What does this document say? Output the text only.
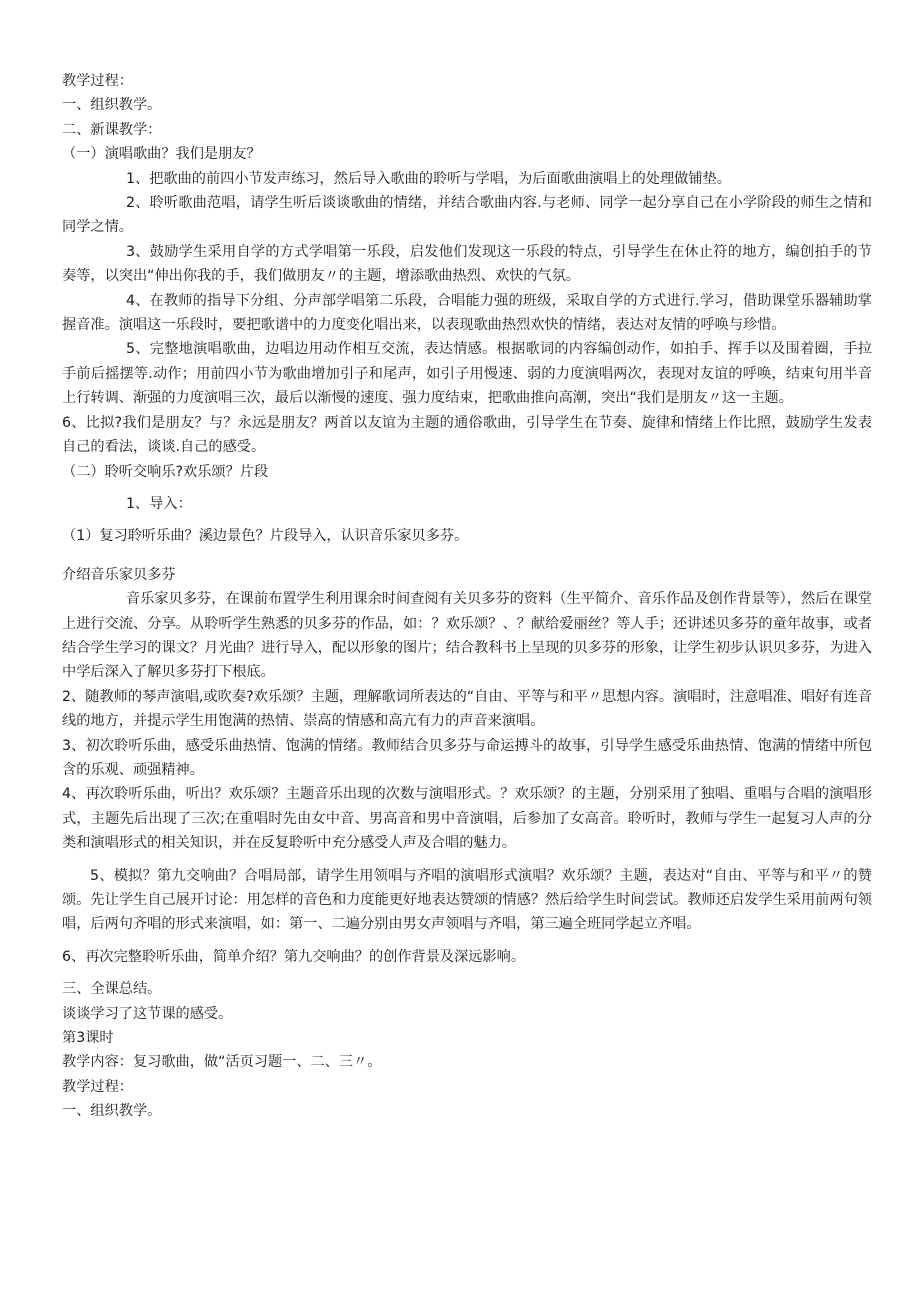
教学过程：

一、组织教学。

二、新课教学：

（一）演唱歌曲？我们是朋友？

1、把歌曲的前四小节发声练习，然后导入歌曲的聆听与学唱，为后面歌曲演唱上的处理做铺垫。

2、聆听歌曲范唱，请学生听后谈谈歌曲的情绪，并结合歌曲内容.与老师、同学一起分享自己在小学阶段的师生之情和同学之情。

3、鼓励学生采用自学的方式学唱第一乐段，启发他们发现这一乐段的特点，引导学生在休止符的地方，编创拍手的节奏等，以突出“伸出你我的手，我们做朋友〃的主题，增添歌曲热烈、欢快的气氛。

4、在教师的指导下分组、分声部学唱第二乐段，合唱能力强的班级，采取自学的方式进行.学习，借助课堂乐器辅助掌握音准。演唱这一乐段时，要把歌谱中的力度变化唱出来，以表现歌曲热烈欢快的情绪，表达对友情的呼唤与珍惜。

5、完整地演唱歌曲，边唱边用动作相互交流，表达情感。根据歌词的内容编创动作，如拍手、挥手以及围着圈，手拉手前后摇摆等.动作；用前四小节为歌曲增加引子和尾声，如引子用慢速、弱的力度演唱两次，表现对友谊的呼唤，结束句用半音上行转调、渐强的力度演唱三次，最后以渐慢的速度、强力度结束，把歌曲推向高潮，突出“我们是朋友〃这一主题。

6、比拟?我们是朋友？与？永远是朋友？两首以友谊为主题的通俗歌曲，引导学生在节奏、旋律和情绪上作比照，鼓励学生发表自己的看法，谈谈.自己的感受。

（二）聆听交响乐?欢乐颂？片段

1、导入：

（1）复习聆听乐曲？溪边景色？片段导入，认识音乐家贝多芬。

介绍音乐家贝多芬

音乐家贝多芬，在课前布置学生利用课余时间查阅有关贝多芬的资料（生平简介、音乐作品及创作背景等），然后在课堂上进行交流、分享。从聆听学生熟悉的贝多芬的作品，如：？欢乐颂？、？献给爱丽丝？等人手；还讲述贝多芬的童年故事，或者结合学生学习的课文？月光曲？进行导入，配以形象的图片；结合教科书上呈现的贝多芬的形象，让学生初步认识贝多芬，为进入中学后深入了解贝多芬打下根底。

2、随教师的琴声演唱,或吹奏?欢乐颂？主题，理解歌词所表达的“自由、平等与和平〃思想内容。演唱时，注意唱准、唱好有连音线的地方，并提示学生用饱满的热情、崇高的情感和高亢有力的声音来演唱。

3、初次聆听乐曲，感受乐曲热情、饱满的情绪。教师结合贝多芬与命运搏斗的故事，引导学生感受乐曲热情、饱满的情绪中所包含的乐观、顽强精神。

4、再次聆听乐曲，听出？欢乐颂？主题音乐出现的次数与演唱形式。？欢乐颂？的主题，分别采用了独唱、重唱与合唱的演唱形式，主题先后出现了三次;在重唱时先由女中音、男高音和男中音演唱，后参加了女高音。聆听时，教师与学生一起复习人声的分类和演唱形式的相关知识，并在反复聆听中充分感受人声及合唱的魅力。

5、模拟？第九交响曲？合唱局部，请学生用领唱与齐唱的演唱形式演唱？欢乐颂？主题，表达对“自由、平等与和平〃的赞颂。先让学生自己展开讨论：用怎样的音色和力度能更好地表达赞颂的情感？然后给学生时间尝试。教师还启发学生采用前两句领唱，后两句齐唱的形式来演唱，如：第一、二遍分别由男女声领唱与齐唱，第三遍全班同学起立齐唱。

6、再次完整聆听乐曲，简单介绍？第九交响曲？的创作背景及深远影响。

三、全课总结。

谈谈学习了这节课的感受。

第3课时

教学内容：复习歌曲，做“活页习题一、二、三〃。

教学过程：

一、组织教学。
